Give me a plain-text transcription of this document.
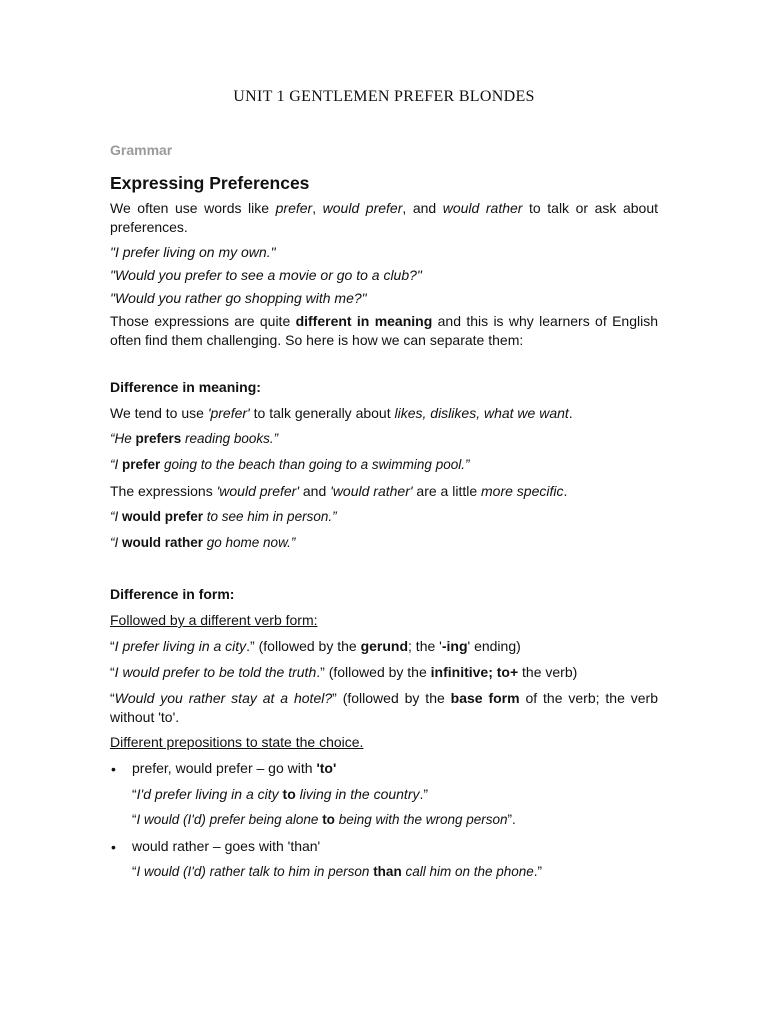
UNIT 1 GENTLEMEN PREFER BLONDES
Grammar
Expressing Preferences
We often use words like prefer, would prefer, and would rather to talk or ask about preferences.
"I prefer living on my own."
"Would you prefer to see a movie or go to a club?"
"Would you rather go shopping with me?"
Those expressions are quite different in meaning and this is why learners of English often find them challenging. So here is how we can separate them:
Difference in meaning:
We tend to use 'prefer' to talk generally about likes, dislikes, what we want.
“He prefers reading books.”
“I prefer going to the beach than going to a swimming pool.”
The expressions 'would prefer' and 'would rather' are a little more specific.
“I would prefer to see him in person.”
“I would rather go home now.”
Difference in form:
Followed by a different verb form:
“I prefer living in a city.” (followed by the gerund; the '-ing' ending)
“I would prefer to be told the truth.” (followed by the infinitive; to+ the verb)
“Would you rather stay at a hotel?” (followed by the base form of the verb; the verb without 'to'.
Different prepositions to state the choice.
• prefer, would prefer – go with 'to'
“I'd prefer living in a city to living in the country.”
“I would (I'd) prefer being alone to being with the wrong person”.
• would rather – goes with 'than'
“I would (I'd) rather talk to him in person than call him on the phone.”
